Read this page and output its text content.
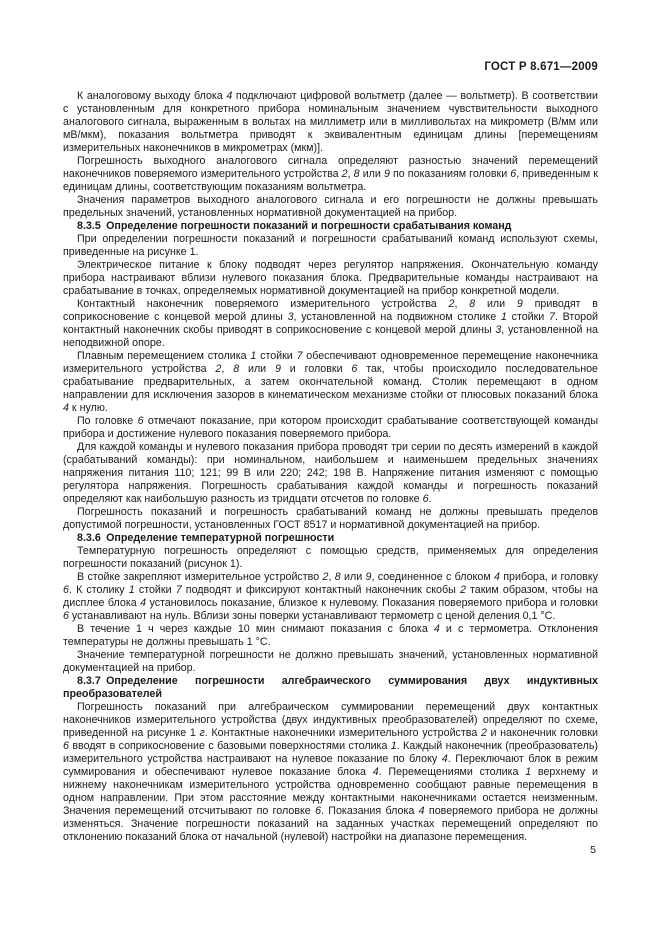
ГОСТ Р 8.671—2009

К аналоговому выходу блока 4 подключают цифровой вольтметр (далее — вольтметр). В соответствии с установленным для конкретного прибора номинальным значением чувствительности выходного аналогового сигнала, выраженным в вольтах на миллиметр или в милливольтах на микрометр (В/мм или мВ/мкм), показания вольтметра приводят к эквивалентным единицам длины [перемещениям измерительных наконечников в микрометрах (мкм)].

Погрешность выходного аналогового сигнала определяют разностью значений перемещений наконечников поверяемого измерительного устройства 2, 8 или 9 по показаниям головки 6, приведенным к единицам длины, соответствующим показаниям вольтметра.

Значения параметров выходного аналогового сигнала и его погрешности не должны превышать предельных значений, установленных нормативной документацией на прибор.

8.3.5 Определение погрешности показаний и погрешности срабатывания команд

При определении погрешности показаний и погрешности срабатываний команд используют схемы, приведенные на рисунке 1.

Электрическое питание к блоку подводят через регулятор напряжения. Окончательную команду прибора настраивают вблизи нулевого показания блока. Предварительные команды настраивают на срабатывание в точках, определяемых нормативной документацией на прибор конкретной модели.

Контактный наконечник поверяемого измерительного устройства 2, 8 или 9 приводят в соприкосновение с концевой мерой длины 3, установленной на подвижном столике 1 стойки 7. Второй контактный наконечник скобы приводят в соприкосновение с концевой мерой длины 3, установленной на неподвижной опоре.

Плавным перемещением столика 1 стойки 7 обеспечивают одновременное перемещение наконечника измерительного устройства 2, 8 или 9 и головки 6 так, чтобы происходило последовательное срабатывание предварительных, а затем окончательной команд. Столик перемещают в одном направлении для исключения зазоров в кинематическом механизме стойки от плюсовых показаний блока 4 к нулю.

По головке 6 отмечают показание, при котором происходит срабатывание соответствующей команды прибора и достижение нулевого показания поверяемого прибора.

Для каждой команды и нулевого показания прибора проводят три серии по десять измерений в каждой (срабатываний команды): при номинальном, наибольшем и наименьшем предельных значениях напряжения питания 110; 121; 99 В или 220; 242; 198 В. Напряжение питания изменяют с помощью регулятора напряжения. Погрешность срабатывания каждой команды и погрешность показаний определяют как наибольшую разность из тридцати отсчетов по головке 6.

Погрешность показаний и погрешность срабатываний команд не должны превышать пределов допустимой погрешности, установленных ГОСТ 8517 и нормативной документацией на прибор.

8.3.6 Определение температурной погрешности

Температурную погрешность определяют с помощью средств, применяемых для определения погрешности показаний (рисунок 1).

В стойке закрепляют измерительное устройство 2, 8 или 9, соединенное с блоком 4 прибора, и головку 6. К столику 1 стойки 7 подводят и фиксируют контактный наконечник скобы 2 таким образом, чтобы на дисплее блока 4 установилось показание, близкое к нулевому. Показания поверяемого прибора и головки 6 устанавливают на нуль. Вблизи зоны поверки устанавливают термометр с ценой деления 0,1 °С.

В течение 1 ч через каждые 10 мин снимают показания с блока 4 и с термометра. Отклонения температуры не должны превышать 1 °С.

Значение температурной погрешности не должно превышать значений, установленных нормативной документацией на прибор.

8.3.7 Определение погрешности алгебраического суммирования двух индуктивных преобразователей

Погрешность показаний при алгебраическом суммировании перемещений двух контактных наконечников измерительного устройства (двух индуктивных преобразователей) определяют по схеме, приведенной на рисунке 1 г. Контактные наконечники измерительного устройства 2 и наконечник головки 6 вводят в соприкосновение с базовыми поверхностями столика 1. Каждый наконечник (преобразователь) измерительного устройства настраивают на нулевое показание по блоку 4. Переключают блок в режим суммирования и обеспечивают нулевое показание блока 4. Перемещениями столика 1 верхнему и нижнему наконечникам измерительного устройства одновременно сообщают равные перемещения в одном направлении. При этом расстояние между контактными наконечниками остается неизменным. Значения перемещений отсчитывают по головке 6. Показания блока 4 поверяемого прибора не должны изменяться. Значение погрешности показаний на заданных участках перемещений определяют по отклонению показаний блока от начальной (нулевой) настройки на диапазоне перемещения.

5
